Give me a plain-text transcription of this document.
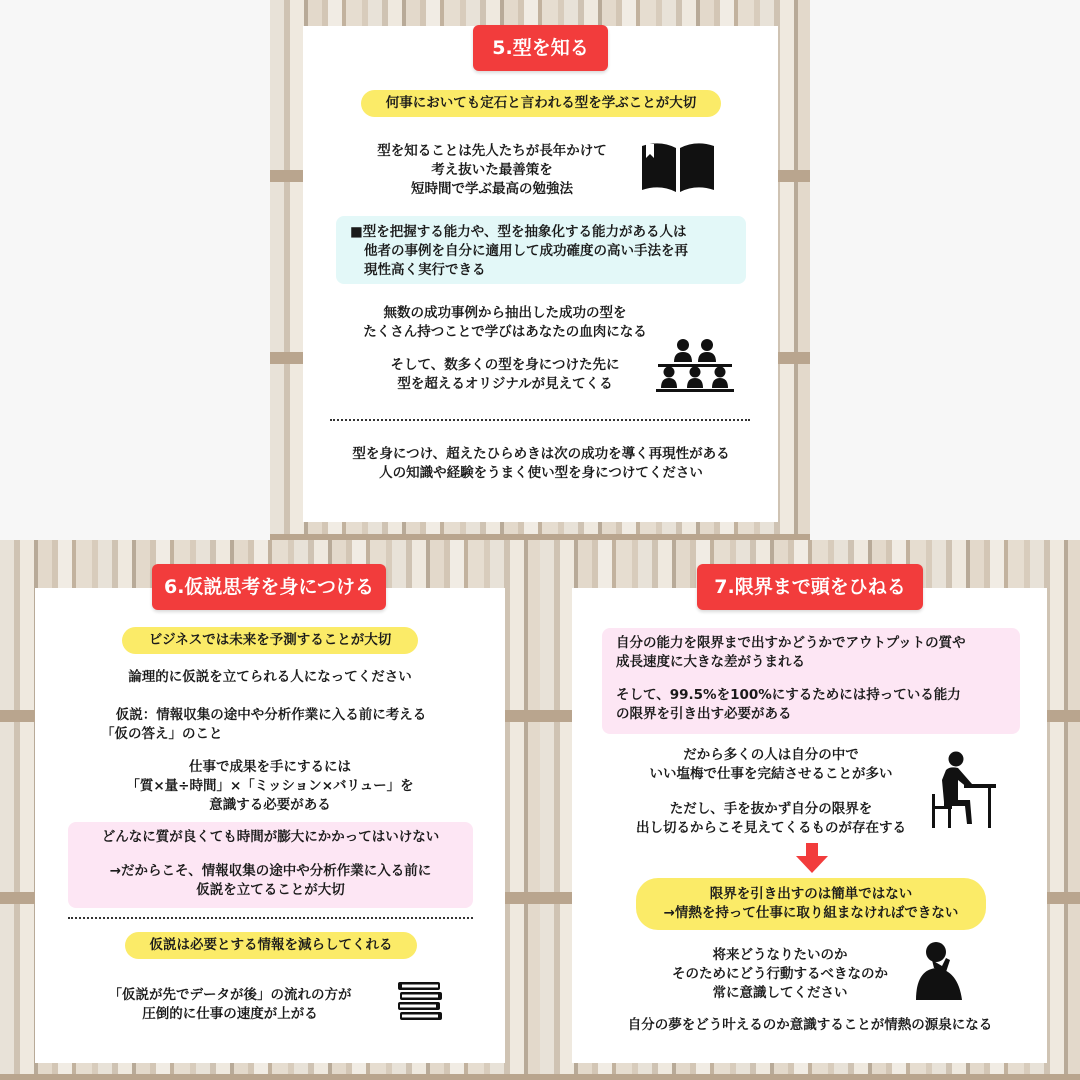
5.型を知る
何事においても定石と言われる型を学ぶことが大切
型を知ることは先人たちが長年かけて
考え抜いた最善策を
短時間で学ぶ最高の勉強法
■型を把握する能力や、型を抽象化する能力がある人は
他者の事例を自分に適用して成功確度の高い手法を再
現性高く実行できる
無数の成功事例から抽出した成功の型を
たくさん持つことで学びはあなたの血肉になる
そして、数多くの型を身につけた先に
型を超えるオリジナルが見えてくる
型を身につけ、超えたひらめきは次の成功を導く再現性がある
人の知識や経験をうまく使い型を身につけてください
6.仮説思考を身につける
ビジネスでは未来を予測することが大切
論理的に仮説を立てられる人になってください
仮説：情報収集の途中や分析作業に入る前に考える
「仮の答え」のこと
仕事で成果を手にするには
「質×量÷時間」×「ミッション×バリュー」を
意識する必要がある
どんなに質が良くても時間が膨大にかかってはいけない
→だからこそ、情報収集の途中や分析作業に入る前に
仮説を立てることが大切
仮説は必要とする情報を減らしてくれる
「仮説が先でデータが後」の流れの方が
圧倒的に仕事の速度が上がる
7.限界まで頭をひねる
自分の能力を限界まで出すかどうかでアウトプットの質や
成長速度に大きな差がうまれる
そして、99.5%を100%にするためには持っている能力
の限界を引き出す必要がある
だから多くの人は自分の中で
いい塩梅で仕事を完結させることが多い
ただし、手を抜かず自分の限界を
出し切るからこそ見えてくるものが存在する
限界を引き出すのは簡単ではない
→情熱を持って仕事に取り組まなければできない
将来どうなりたいのか
そのためにどう行動するべきなのか
常に意識してください
自分の夢をどう叶えるのか意識することが情熱の源泉になる
